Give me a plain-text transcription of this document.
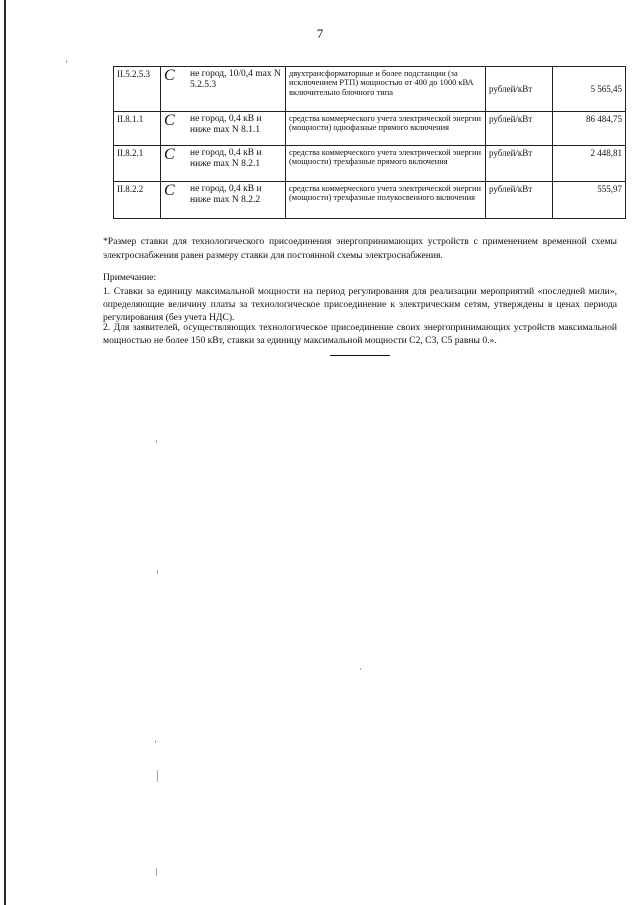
7
II.5.2.5.3	C не город, 10/0,4 max N 5.2.5.3	двухтрансформаторные и более подстанции (за исключением РТП) мощностью от 400 до 1000 кВА включительно блочного типа	рублей/кВт	5 565,45
II.8.1.1	C не город, 0,4 кВ и ниже max N 8.1.1	средства коммерческого учета электрической энергии (мощности) однофазные прямого включения	рублей/кВт	86 484,75
II.8.2.1	C не город, 0,4 кВ и ниже max N 8.2.1	средства коммерческого учета электрической энергии (мощности) трехфазные прямого включения	рублей/кВт	2 448,81
II.8.2.2	C не город, 0,4 кВ и ниже max N 8.2.2	средства коммерческого учета электрической энергии (мощности) трехфазные полукосвенного включения	рублей/кВт	555,97

*Размер ставки для технологического присоединения энергопринимающих устройств с применением временной схемы электроснабжения равен размеру ставки для постоянной схемы электроснабжения.

Примечание:

1. Ставки за единицу максимальной мощности на период регулирования для реализации мероприятий «последней мили», определяющие величину платы за технологическое присоединение к электрическим сетям, утверждены в ценах периода регулирования (без учета НДС).

2. Для заявителей, осуществляющих технологическое присоединение своих энергопринимающих устройств максимальной мощностью не более 150 кВт, ставки за единицу максимальной мощности C2, C3, C5 равны 0.».
